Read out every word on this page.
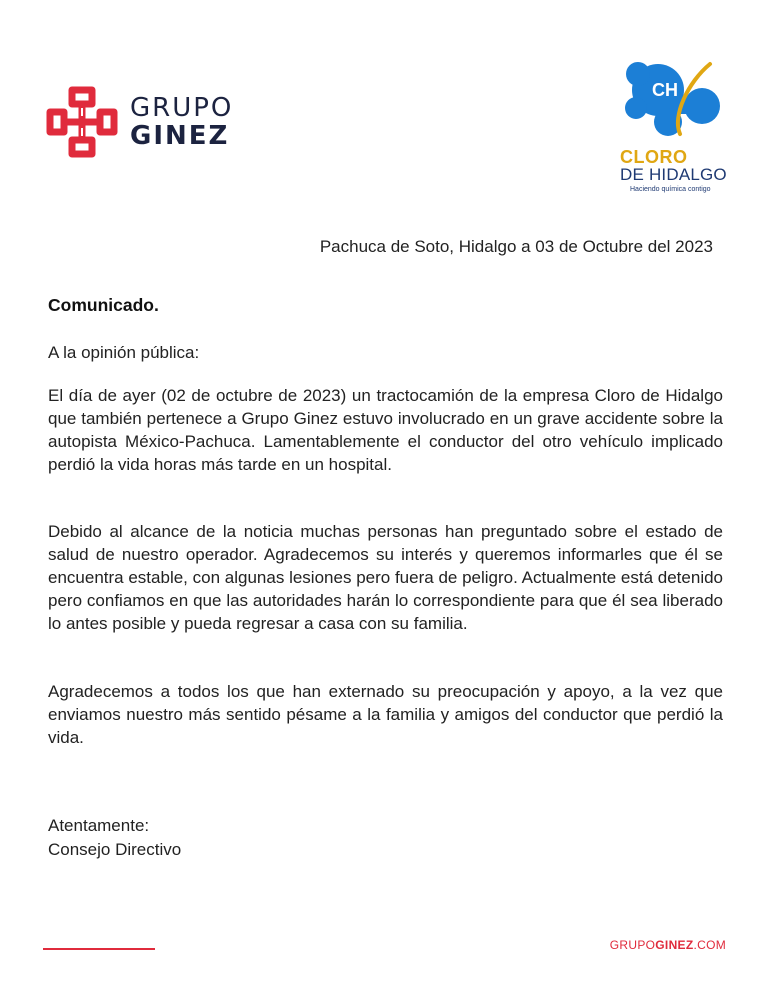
GRUPO
GINEZ
CH
CLORO
DE HIDALGO
Haciendo química contigo
Pachuca de Soto, Hidalgo a 03 de Octubre del 2023
Comunicado.
A la opinión pública:

El día de ayer (02 de octubre de 2023) un tractocamión de la empresa Cloro de Hidalgo que también pertenece a Grupo Ginez estuvo involucrado en un grave accidente sobre la autopista México-Pachuca. Lamentablemente el conductor del otro vehículo implicado perdió la vida horas más tarde en un hospital.

Debido al alcance de la noticia muchas personas han preguntado sobre el estado de salud de nuestro operador. Agradecemos su interés y queremos informarles que él se encuentra estable, con algunas lesiones pero fuera de peligro. Actualmente está detenido pero confiamos en que las autoridades harán lo correspondiente para que él sea liberado lo antes posible y pueda regresar a casa con su familia.

Agradecemos a todos los que han externado su preocupación y apoyo, a la vez que enviamos nuestro más sentido pésame a la familia y amigos del conductor que perdió la vida.

Atentamente:
Consejo Directivo
GRUPOGINEZ.COM
